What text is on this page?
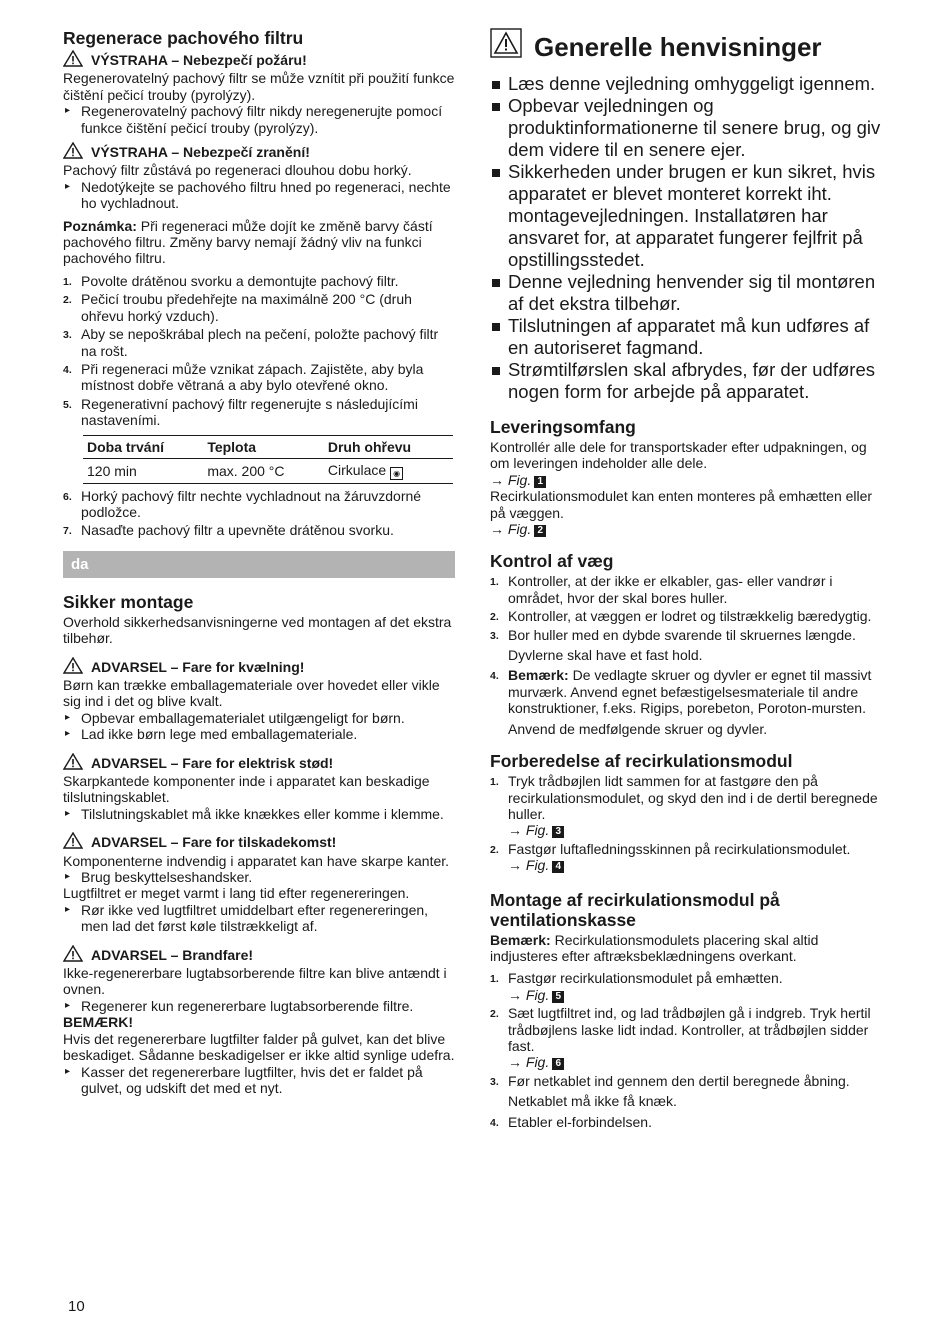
Regenerace pachového filtru
VÝSTRAHA – Nebezpečí požáru!

Regenerovatelný pachový filtr se může vznítit při použití funkce čištění pečicí trouby (pyrolýzy).

▸ Regenerovatelný pachový filtr nikdy neregenerujte pomocí funkce čištění pečicí trouby (pyrolýzy).
VÝSTRAHA – Nebezpečí zranění!

Pachový filtr zůstává po regeneraci dlouhou dobu horký.

▸ Nedotýkejte se pachového filtru hned po regeneraci, nechte ho vychladnout.

Poznámka: Při regeneraci může dojít ke změně barvy částí pachového filtru. Změny barvy nemají žádný vliv na funkci pachového filtru.

1. Povolte drátěnou svorku a demontujte pachový filtr.
2. Pečicí troubu předehřejte na maximálně 200 °C (druh ohřevu horký vzduch).
3. Aby se nepoškrábal plech na pečení, položte pachový filtr na rošt.
4. Při regeneraci může vznikat zápach. Zajistěte, aby byla místnost dobře větraná a aby bylo otevřené okno.
5. Regenerativní pachový filtr regenerujte s následujícími nastaveními.
Doba trvání	Teplota	Druh ohřevu
120 min	max. 200 °C	Cirkulace ◉
6. Horký pachový filtr nechte vychladnout na žáruvzdorné podložce.
7. Nasaďte pachový filtr a upevněte drátěnou svorku.
da
Sikker montage

Overhold sikkerhedsanvisningerne ved montagen af det ekstra tilbehør.

ADVARSEL – Fare for kvælning!

Børn kan trække emballagemateriale over hovedet eller vikle sig ind i det og blive kvalt.

▸ Opbevar emballagematerialet utilgængeligt for børn.
▸ Lad ikke børn lege med emballagemateriale.
ADVARSEL – Fare for elektrisk stød!

Skarpkantede komponenter inde i apparatet kan beskadige tilslutningskablet.

▸ Tilslutningskablet må ikke knækkes eller komme i klemme.
ADVARSEL – Fare for tilskadekomst!

Komponenterne indvendig i apparatet kan have skarpe kanter.

▸ Brug beskyttelseshandsker.

Lugtfiltret er meget varmt i lang tid efter regenereringen.

▸ Rør ikke ved lugtfiltret umiddelbart efter regenereringen, men lad det først køle tilstrækkeligt af.
ADVARSEL – Brandfare!

Ikke-regenererbare lugtabsorberende filtre kan blive antændt i ovnen.

▸ Regenerer kun regenererbare lugtabsorberende filtre.

BEMÆRK!

Hvis det regenererbare lugtfilter falder på gulvet, kan det blive beskadiget. Sådanne beskadigelser er ikke altid synlige udefra.

▸ Kasser det regenererbare lugtfilter, hvis det er faldet på gulvet, og udskift det med et nyt.
Generelle henvisninger
Læs denne vejledning omhyggeligt igennem.
Opbevar vejledningen og produktinformationerne til senere brug, og giv dem videre til en senere ejer.
Sikkerheden under brugen er kun sikret, hvis apparatet er blevet monteret korrekt iht. montagevejledningen. Installatøren har ansvaret for, at apparatet fungerer fejlfrit på opstillingsstedet.
Denne vejledning henvender sig til montøren af det ekstra tilbehør.
Tilslutningen af apparatet må kun udføres af en autoriseret fagmand.
Strømtilførslen skal afbrydes, før der udføres nogen form for arbejde på apparatet.
Leveringsomfang

Kontrollér alle dele for transportskader efter udpakningen, og om leveringen indeholder alle dele.

→ Fig. 1

Recirkulationsmodulet kan enten monteres på emhætten eller på væggen.

→ Fig. 2
Kontrol af væg
1. Kontroller, at der ikke er elkabler, gas- eller vandrør i området, hvor der skal bores huller.
2. Kontroller, at væggen er lodret og tilstrækkelig bæredygtig.
3. Bor huller med en dybde svarende til skruernes længde.
Dyvlerne skal have et fast hold.
4. Bemærk: De vedlagte skruer og dyvler er egnet til massivt murværk. Anvend egnet befæstigelsesmateriale til andre konstruktioner, f.eks. Rigips, porebeton, Poroton-mursten.
Anvend de medfølgende skruer og dyvler.
Forberedelse af recirkulationsmodul
1. Tryk trådbøjlen lidt sammen for at fastgøre den på recirkulationsmodulet, og skyd den ind i de dertil beregnede huller.
→ Fig. 3
2. Fastgør luftafledningsskinnen på recirkulationsmodulet.
→ Fig. 4
Montage af recirkulationsmodul på ventilationskasse

Bemærk: Recirkulationsmodulets placering skal altid indjusteres efter aftræksbeklædningens overkant.

1. Fastgør recirkulationsmodulet på emhætten.
→ Fig. 5
2. Sæt lugtfiltret ind, og lad trådbøjlen gå i indgreb. Tryk hertil trådbøjlens laske lidt indad. Kontroller, at trådbøjlen sidder fast.
→ Fig. 6
3. Før netkablet ind gennem den dertil beregnede åbning.
Netkablet må ikke få knæk.
4. Etabler el-forbindelsen.
10
